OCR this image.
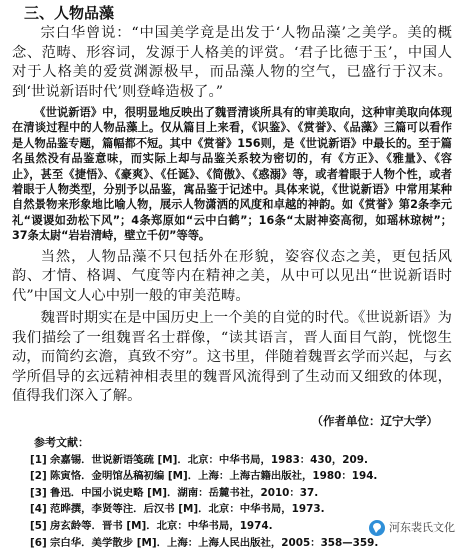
三、人物品藻

宗白华曾说：“中国美学竟是出发于‘人物品藻’之美学。美的概念、范畴、形容词，发源于人格美的评赏。‘君子比德于玉’，中国人对于人格美的爱赏渊源极早，而品藻人物的空气，已盛行于汉末。到‘世说新语时代’则登峰造极了。”

《世说新语》中，很明显地反映出了魏晋清谈所具有的审美取向，这种审美取向体现在清谈过程中的人物品藻上。仅从篇目上来看，《识鉴》、《赏誉》、《品藻》三篇可以看作是人物品鉴专题，篇幅都不短。其中《赏誉》156则，是《世说新语》中最长的。至于篇名虽然没有品鉴意味，而实际上却与品鉴关系较为密切的，有《方正》、《雅量》、《容止》，甚至《捷悟》、《豪爽》、《任诞》、《简傲》、《惑溺》等，或者着眼于人物个性，或者着眼于人物类型，分别予以品鉴，寓品鉴于记述中。具体来说，《世说新语》中常用某种自然景物来形象地比喻人物，展示人物潇洒的风度和卓越的神韵。如《赏誉》第2条李元礼“谡谡如劲松下风”；4条郑原如“云中白鹤”；16条“太尉神姿高彻，如瑶林琼树”；37条太尉“岩岩清峙，壁立千仞”等等。

当然，人物品藻不只包括外在形貌，姿容仪态之美，更包括风韵、才情、格调、气度等内在精神之美，从中可以见出“世说新语时代”中国文人心中别一般的审美范畴。

魏晋时期实在是中国历史上一个美的自觉的时代。《世说新语》为我们描绘了一组魏晋名士群像，“读其语言，晋人面目气韵，恍惚生动，而简约玄澹，真致不穷”。这书里，伴随着魏晋玄学而兴起，与玄学所倡导的玄远精神相表里的魏晋风流得到了生动而又细致的体现，值得我们深入了解。

（作者单位：辽宁大学）
参考文献：
[1] 余嘉锡．世说新语笺疏 [M]．北京：中华书局，1983：430，209.
[2] 陈寅恪．金明馆丛稿初编 [M]．上海：上海古籍出版社，1980：194.
[3] 鲁迅．中国小说史略 [M]．湖南：岳麓书社，2010：37.
[4] 范晔撰，李贤等注．后汉书 [M]．北京：中华书局，1973.
[5] 房玄龄等．晋书 [M]．北京：中华书局，1974.
[6] 宗白华．美学散步 [M]．上海：上海人民出版社，2005：358—359.
河东裴氏文化
